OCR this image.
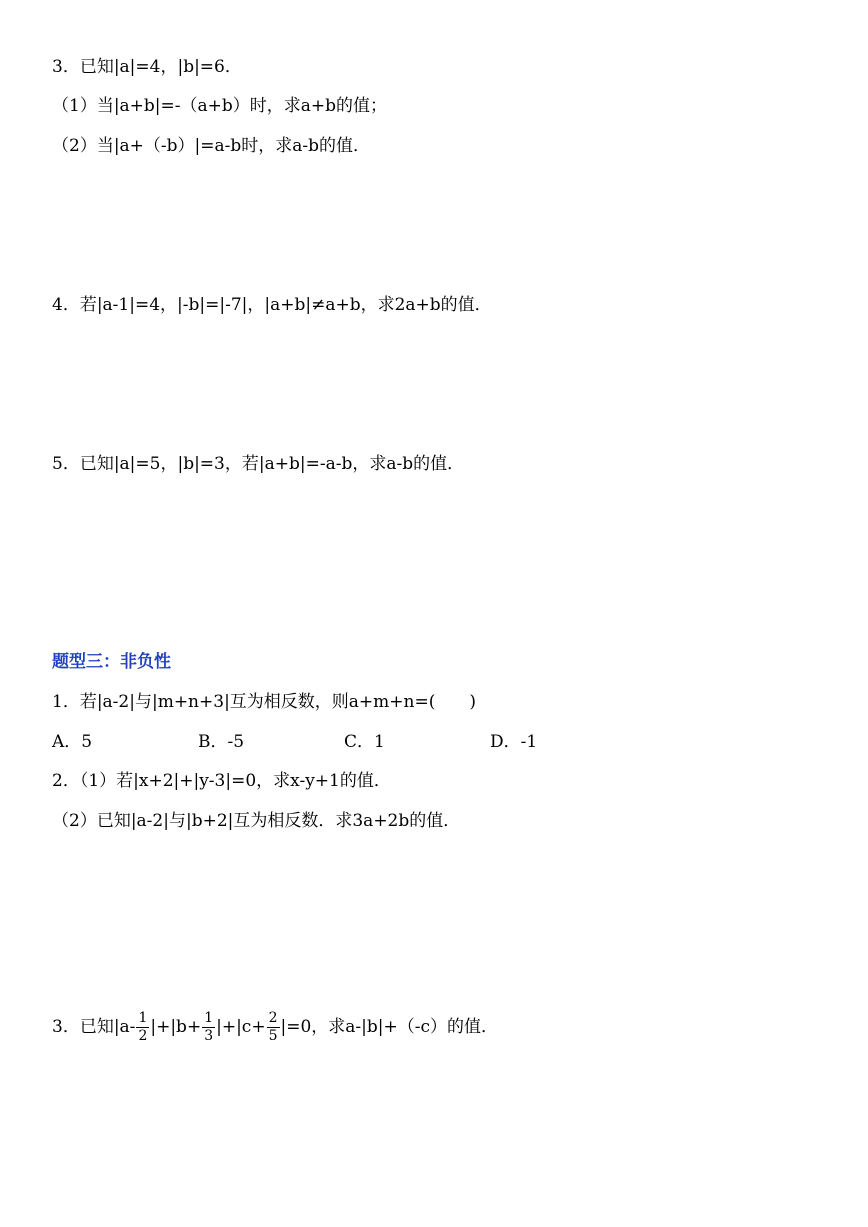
3．已知|a|=4，|b|=6．
（1）当|a+b|=-（a+b）时，求a+b的值；
（2）当|a+（-b）|=a-b时，求a-b的值．
4．若|a-1|=4，|-b|=|-7|，|a+b|≠a+b，求2a+b的值．
5．已知|a|=5，|b|=3，若|a+b|=-a-b，求a-b的值．
题型三：非负性
1．若|a-2|与|m+n+3|互为相反数，则a+m+n=(　　)
A．5	B．-5	C．1	D．-1
2．（1）若|x+2|+|y-3|=0，求x-y+1的值．
（2）已知|a-2|与|b+2|互为相反数．求3a+2b的值．
3．已知$|a- \frac{1}{2} |+|b+ \frac{1}{3} |+|c+ \frac{2}{5} |=0$，求a-|b|+（-c）的值．
